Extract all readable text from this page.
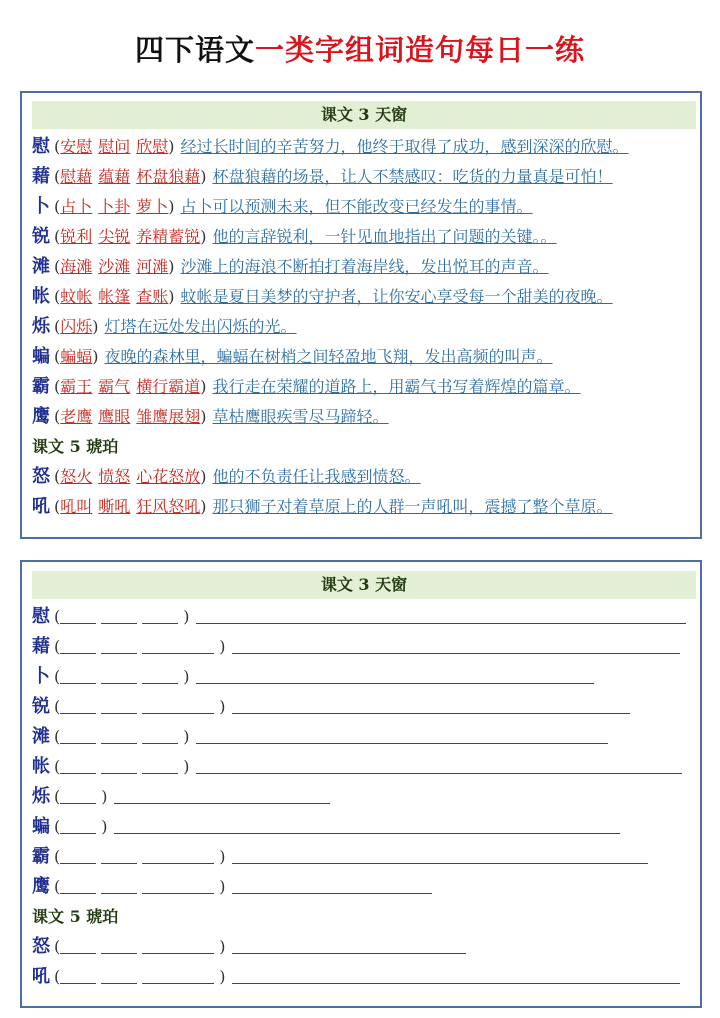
四下语文一类字组词造句每日一练
课文 3 天窗
慰 (安慰 慰问 欣慰) 经过长时间的辛苦努力，他终于取得了成功，感到深深的欣慰。
藉 (慰藉 蕴藉 杯盘狼藉) 杯盘狼藉的场景，让人不禁感叹：吃货的力量真是可怕！
卜 (占卜 卜卦 萝卜) 占卜可以预测未来，但不能改变已经发生的事情。
锐 (锐利 尖锐 养精蓄锐) 他的言辞锐利，一针见血地指出了问题的关键。。
滩 (海滩 沙滩 河滩) 沙滩上的海浪不断拍打着海岸线，发出悦耳的声音。
帐 (蚊帐 帐篷 查账) 蚊帐是夏日美梦的守护者，让你安心享受每一个甜美的夜晚。
烁 (闪烁) 灯塔在远处发出闪烁的光。
蝙 (蝙蝠) 夜晚的森林里，蝙蝠在树梢之间轻盈地飞翔，发出高频的叫声。
霸 (霸王 霸气 横行霸道) 我行走在荣耀的道路上，用霸气书写着辉煌的篇章。
鹰 (老鹰 鹰眼 雏鹰展翅) 草枯鹰眼疾雪尽马蹄轻。
怒 (怒火 愤怒 心花怒放) 他的不负责任让我感到愤怒。
吼 (吼叫 嘶吼 狂风怒吼) 那只狮子对着草原上的人群一声吼叫，震撼了整个草原。
课文 5 琥珀
课文 3 天窗
慰 (	)
藉 (	)
卜 (	)
锐 (	)
滩 (	)
帐 (	)
烁 (	)
蝙 (	)
霸 (	)
鹰 (	)
怒 (	)
吼 (	)
课文 5 琥珀
